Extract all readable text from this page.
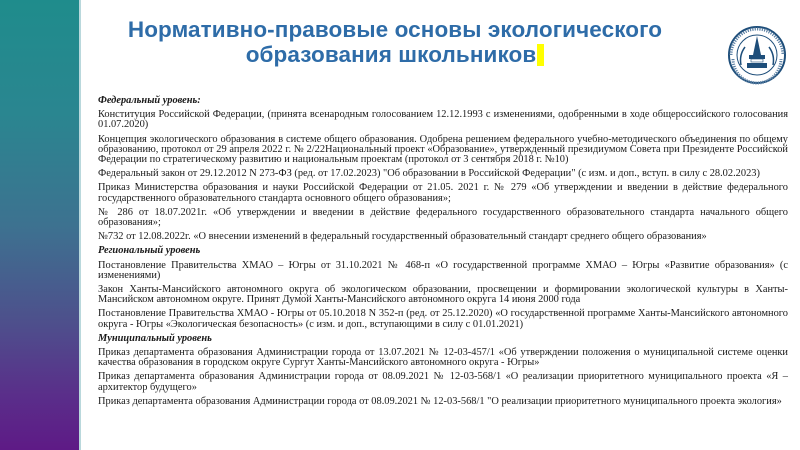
Нормативно-правовые основы экологического
образования школьников
Федеральный уровень:
Конституция Российской Федерации, (принята всенародным голосованием 12.12.1993 с изменениями, одобренными в ходе общероссийского голосования 01.07.2020)
Концепция экологического образования в системе общего образования. Одобрена решением федерального учебно-методического объединения по общему образованию, протокол от 29 апреля 2022 г. № 2/22Национальный проект «Образование», утвержденный президиумом Совета при Президенте Российской Федерации по стратегическому развитию и национальным проектам (протокол от 3 сентября 2018 г. №10)
Федеральный закон от 29.12.2012 N 273-ФЗ (ред. от 17.02.2023) "Об образовании в Российской Федерации" (с изм. и доп., вступ. в силу с 28.02.2023)
Приказ Министерства образования и науки Российской Федерации от 21.05. 2021 г. № 279 «Об утверждении и введении в действие федерального государственного образовательного стандарта основного общего образования»;
№ 286 от 18.07.2021г. «Об утверждении и введении в действие федерального государственного образовательного стандарта начального общего образования»;
№732 от 12.08.2022г. «О внесении изменений в федеральный государственный образовательный стандарт среднего общего образования»
Региональный уровень
Постановление Правительства ХМАО – Югры от 31.10.2021 № 468-п «О государственной программе ХМАО – Югры «Развитие образования» (с изменениями)
Закон Ханты-Мансийского автономного округа об экологическом образовании, просвещении и формировании экологической культуры в Ханты-Мансийском автономном округе. Принят Думой Ханты-Мансийского автономного округа 14 июня 2000 года
Постановление Правительства ХМАО - Югры от 05.10.2018 N 352-п (ред. от 25.12.2020) «О государственной программе Ханты-Мансийского автономного округа - Югры «Экологическая безопасность» (с изм. и доп., вступающими в силу с 01.01.2021)
Муниципальный уровень
Приказ департамента образования Администрации города от 13.07.2021 № 12-03-457/1 «Об утверждении положения о муниципальной системе оценки качества образования в городском округе Сургут Ханты-Мансийского автономного округа - Югры»
Приказ департамента образования Администрации города от 08.09.2021 № 12-03-568/1 «О реализации приоритетного муниципального проекта «Я – архитектор будущего»
Приказ департамента образования Администрации города от 08.09.2021 № 12-03-568/1 "О реализации приоритетного муниципального проекта экология»
